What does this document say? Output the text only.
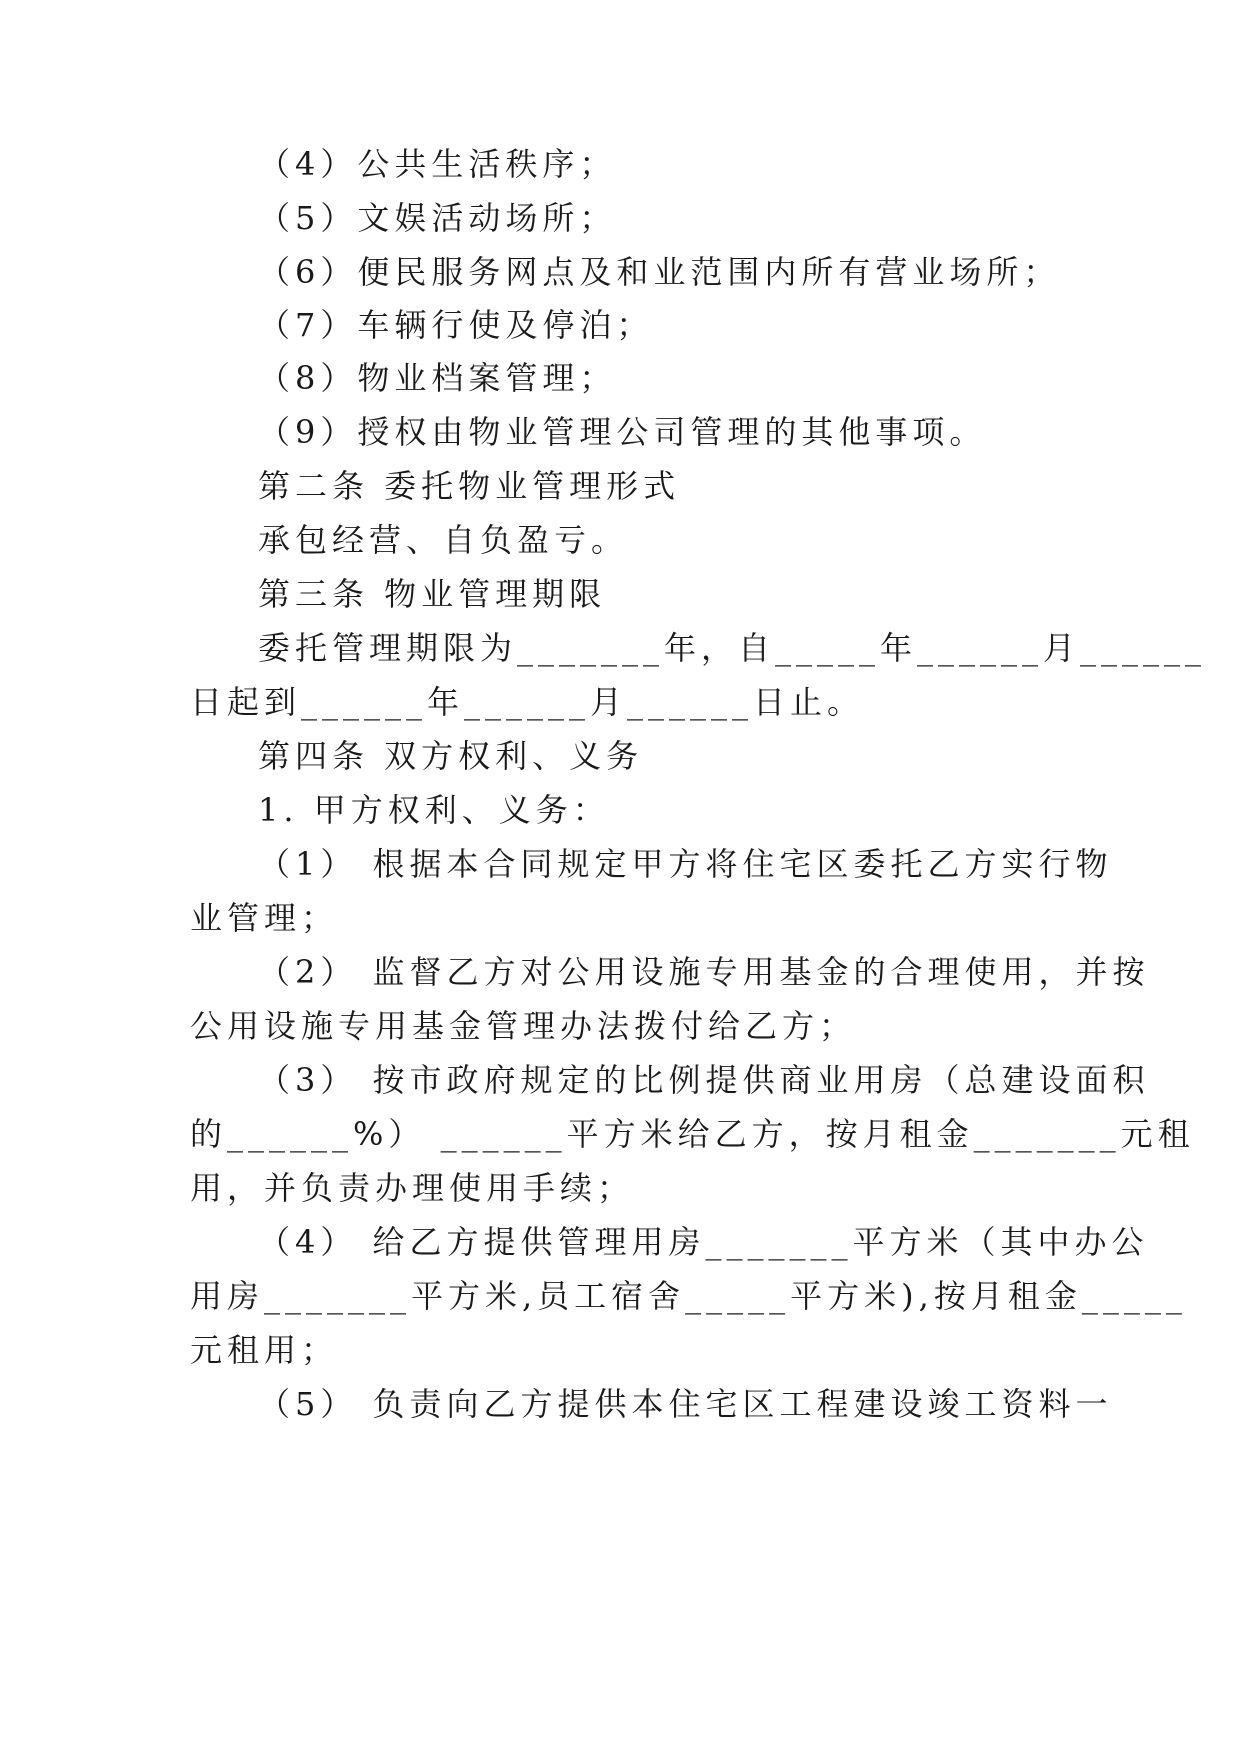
（4）公共生活秩序；

（5）文娱活动场所；

（6）便民服务网点及和业范围内所有营业场所；

（7）车辆行使及停泊；

（8）物业档案管理；

（9）授权由物业管理公司管理的其他事项。

第二条 委托物业管理形式

承包经营、自负盈亏。

第三条 物业管理期限

委托管理期限为_______年，自_____年______月______

日起到______年______月______日止。

第四条 双方权利、义务

1. 甲方权利、义务：

（1） 根据本合同规定甲方将住宅区委托乙方实行物

业管理；

（2） 监督乙方对公用设施专用基金的合理使用，并按

公用设施专用基金管理办法拨付给乙方；

（3） 按市政府规定的比例提供商业用房（总建设面积

的______%） ______平方米给乙方，按月租金_______元租

用，并负责办理使用手续；

（4） 给乙方提供管理用房_______平方米（其中办公

用房_______平方米,员工宿舍_____平方米),按月租金_____

元租用；

（5） 负责向乙方提供本住宅区工程建设竣工资料一
